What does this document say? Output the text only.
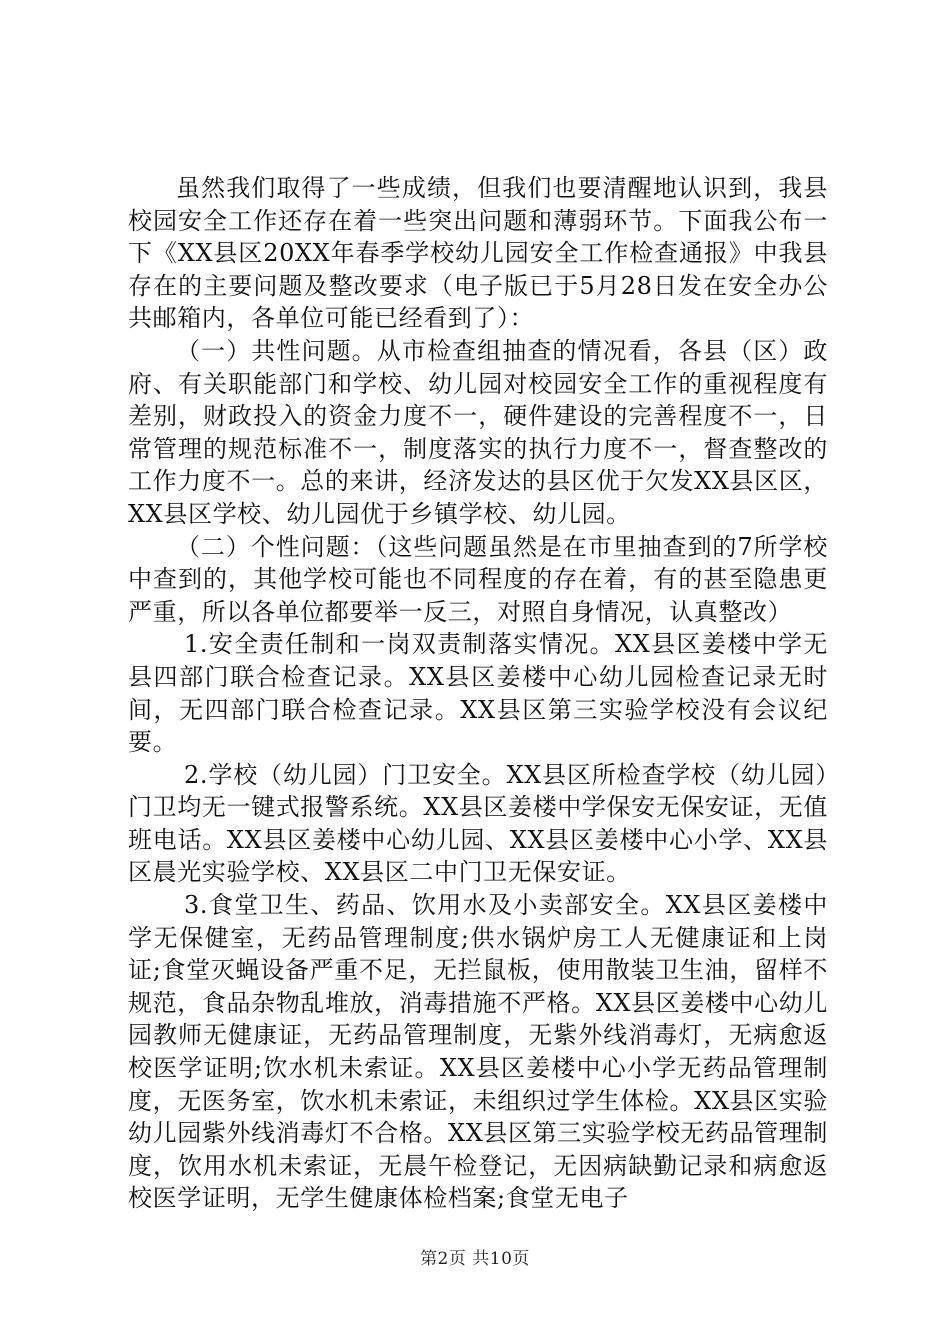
虽然我们取得了一些成绩，但我们也要清醒地认识到，我县校园安全工作还存在着一些突出问题和薄弱环节。下面我公布一下《XX县区20XX年春季学校幼儿园安全工作检查通报》中我县存在的主要问题及整改要求（电子版已于5月28日发在安全办公共邮箱内，各单位可能已经看到了）：

（一）共性问题。从市检查组抽查的情况看，各县（区）政府、有关职能部门和学校、幼儿园对校园安全工作的重视程度有差别，财政投入的资金力度不一，硬件建设的完善程度不一，日常管理的规范标准不一，制度落实的执行力度不一，督查整改的工作力度不一。总的来讲，经济发达的县区优于欠发XX县区区，XX县区学校、幼儿园优于乡镇学校、幼儿园。

（二）个性问题：（这些问题虽然是在市里抽查到的7所学校中查到的，其他学校可能也不同程度的存在着，有的甚至隐患更严重，所以各单位都要举一反三，对照自身情况，认真整改）

1.安全责任制和一岗双责制落实情况。XX县区姜楼中学无县四部门联合检查记录。XX县区姜楼中心幼儿园检查记录无时间，无四部门联合检查记录。XX县区第三实验学校没有会议纪要。

2.学校（幼儿园）门卫安全。XX县区所检查学校（幼儿园）门卫均无一键式报警系统。XX县区姜楼中学保安无保安证，无值班电话。XX县区姜楼中心幼儿园、XX县区姜楼中心小学、XX县区晨光实验学校、XX县区二中门卫无保安证。

3.食堂卫生、药品、饮用水及小卖部安全。XX县区姜楼中学无保健室，无药品管理制度;供水锅炉房工人无健康证和上岗证;食堂灭蝇设备严重不足，无拦鼠板，使用散装卫生油，留样不规范，食品杂物乱堆放，消毒措施不严格。XX县区姜楼中心幼儿园教师无健康证，无药品管理制度，无紫外线消毒灯，无病愈返校医学证明;饮水机未索证。XX县区姜楼中心小学无药品管理制度，无医务室，饮水机未索证，未组织过学生体检。XX县区实验幼儿园紫外线消毒灯不合格。XX县区第三实验学校无药品管理制度，饮用水机未索证，无晨午检登记，无因病缺勤记录和病愈返校医学证明，无学生健康体检档案;食堂无电子

第2页 共10页
